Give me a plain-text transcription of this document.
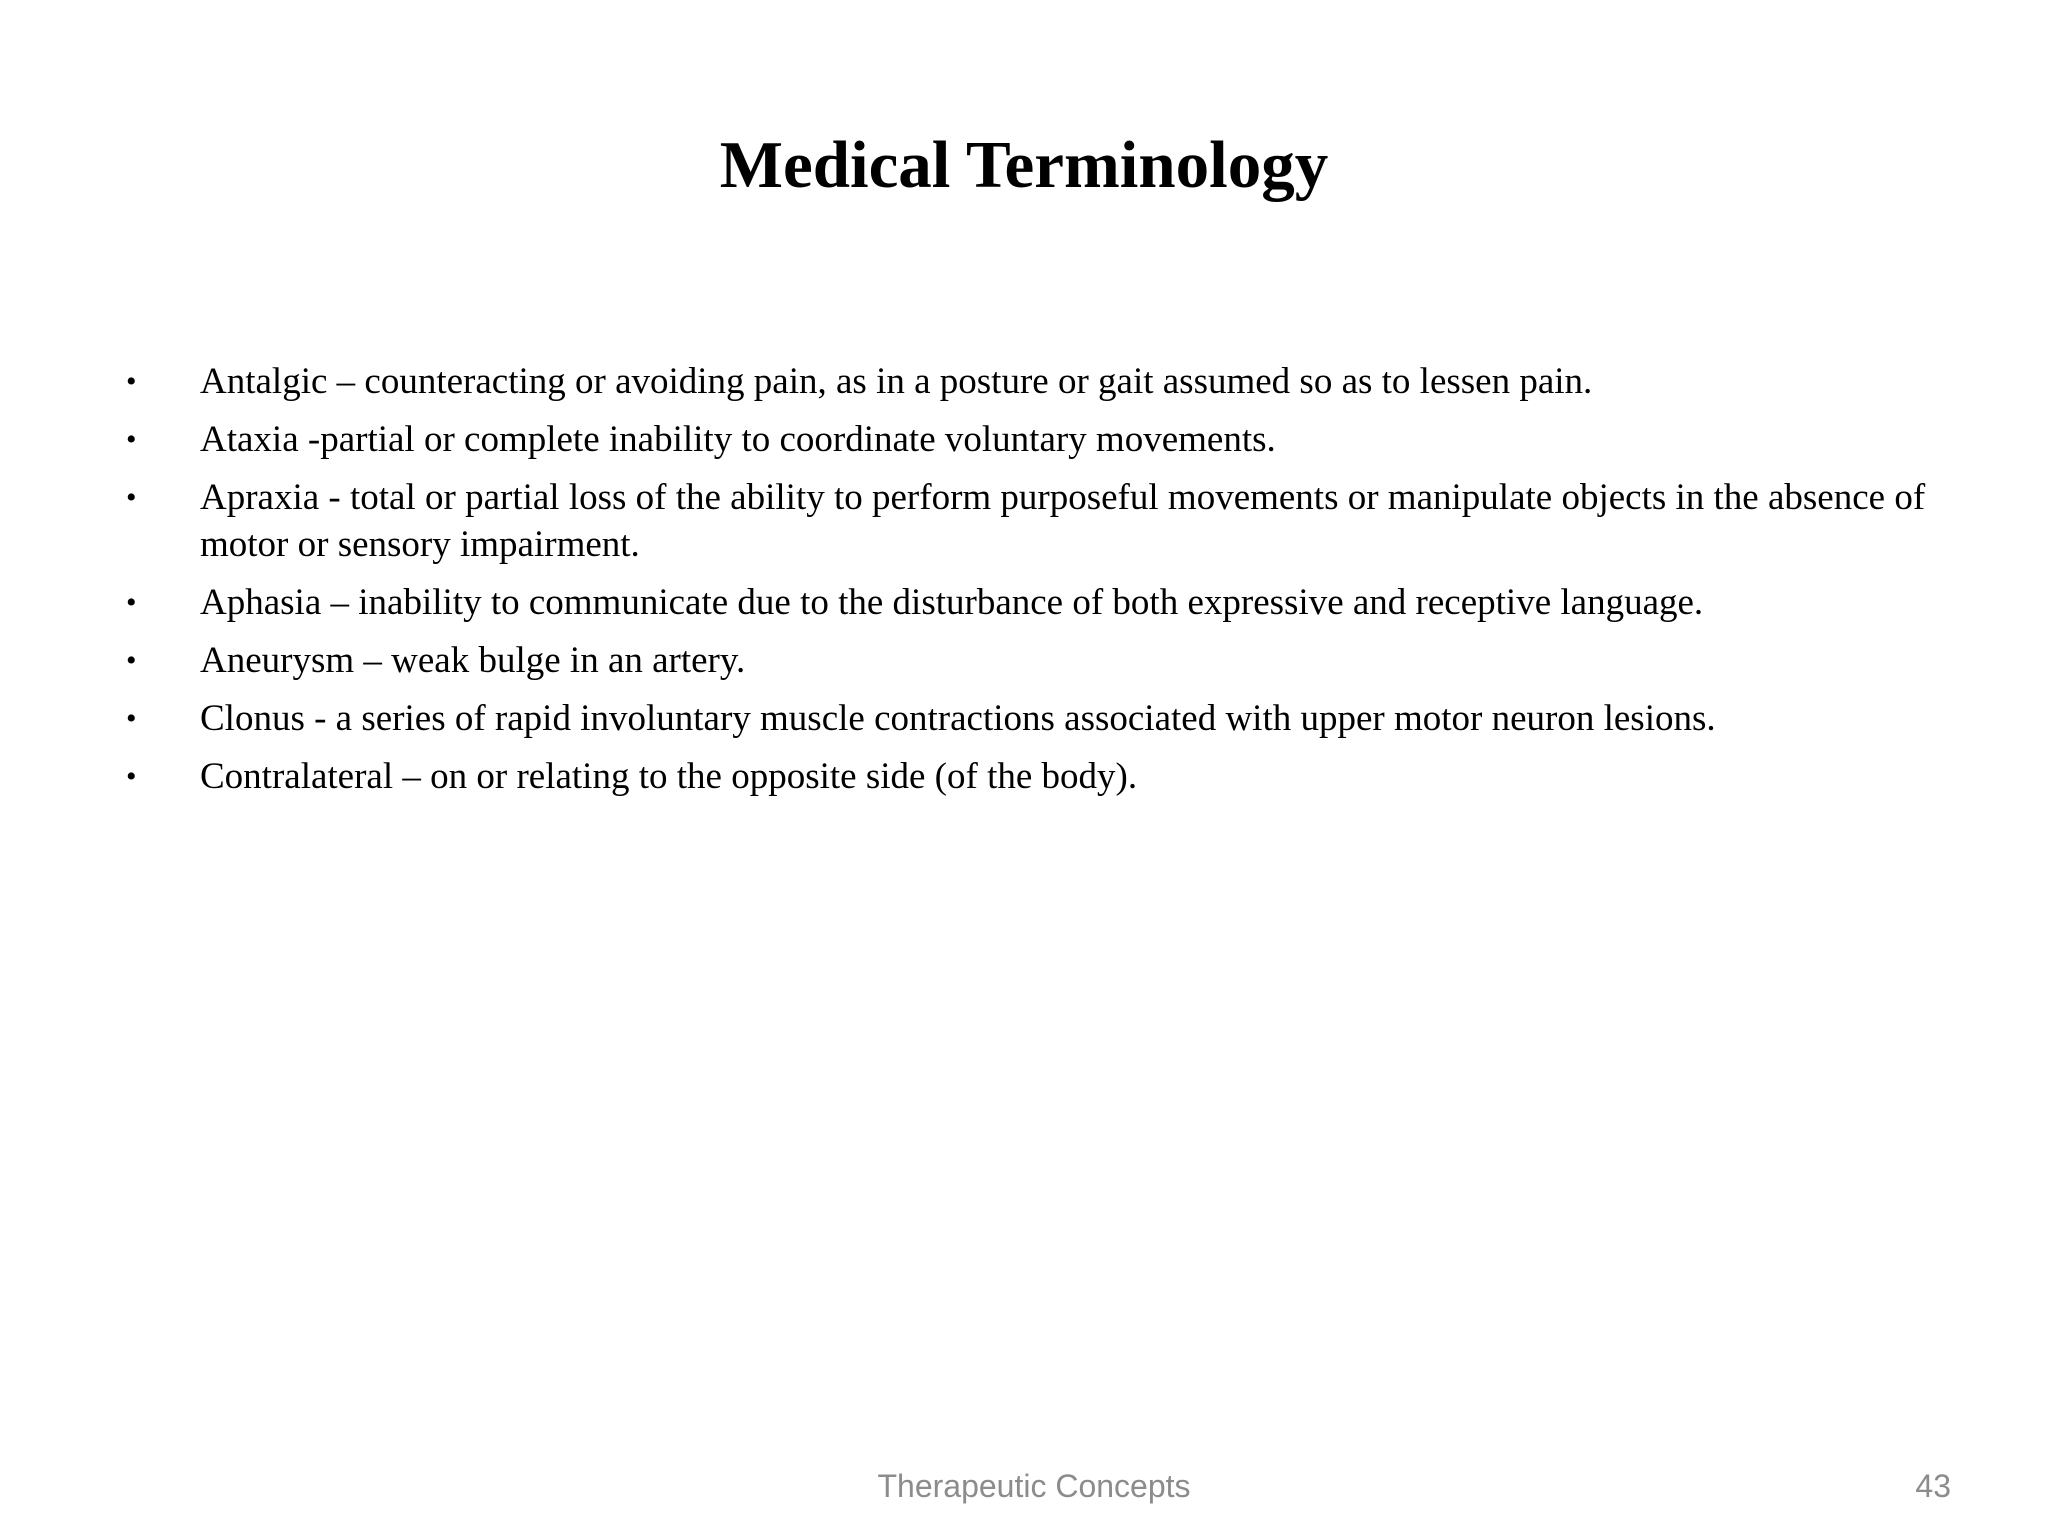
Medical Terminology
• Antalgic – counteracting or avoiding pain, as in a posture or gait assumed so as to lessen pain.
• Ataxia -partial or complete inability to coordinate voluntary movements.
• Apraxia - total or partial loss of the ability to perform purposeful movements or manipulate objects in the absence of motor or sensory impairment.
• Aphasia – inability to communicate due to the disturbance of both expressive and receptive language.
• Aneurysm – weak bulge in an artery.
• Clonus - a series of rapid involuntary muscle contractions associated with upper motor neuron lesions.
• Contralateral – on or relating to the opposite side (of the body).
Therapeutic Concepts	43
